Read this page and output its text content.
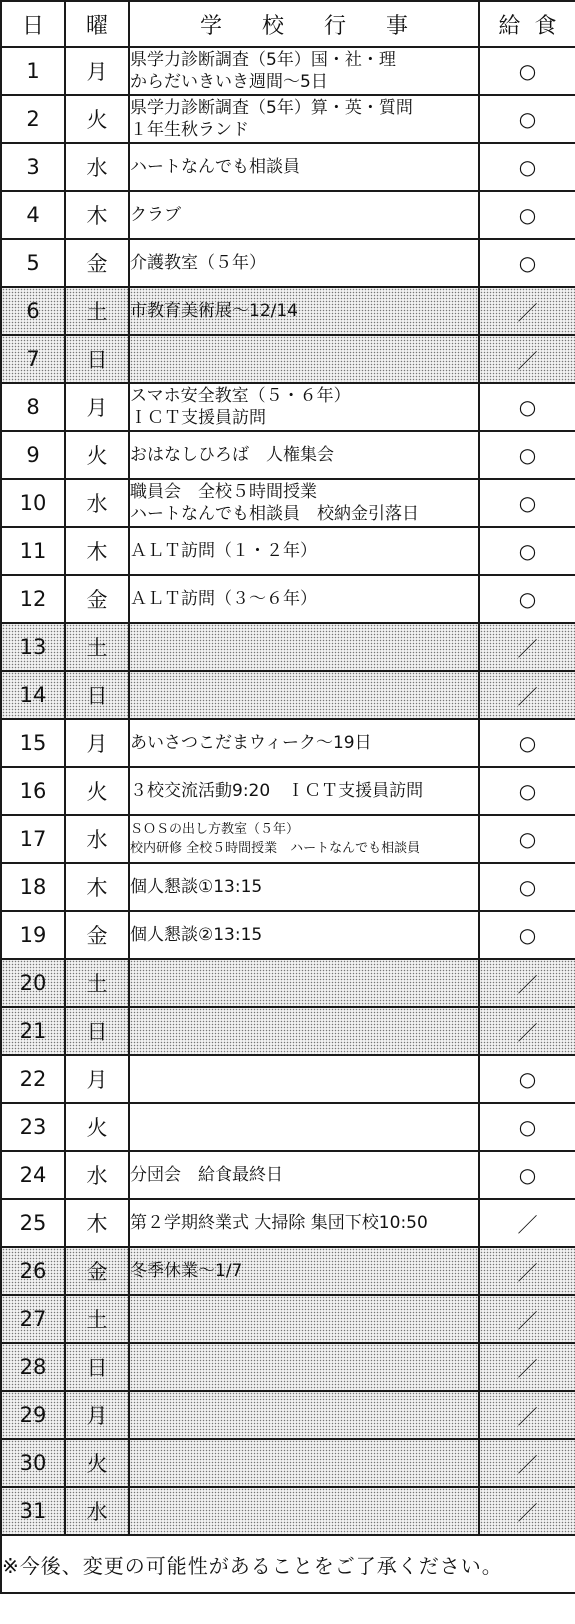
日	曜	学校行事	給食
1	月	県学力診断調査（5年）国・社・理
からだいきいき週間～5日	○
2	火	県学力診断調査（5年）算・英・質問
１年生秋ランド	○
3	水	ハートなんでも相談員	○
4	木	クラブ	○
5	金	介護教室（５年）	○
6	土	市教育美術展～12/14	／
7	日		／
8	月	スマホ安全教室（５・６年）
ＩＣＴ支援員訪問	○
9	火	おはなしひろば　人権集会	○
10	水	職員会　全校５時間授業
ハートなんでも相談員　校納金引落日	○
11	木	ＡＬＴ訪問（１・２年）	○
12	金	ＡＬＴ訪問（３～６年）	○
13	土		／
14	日		／
15	月	あいさつこだまウィーク～19日	○
16	火	３校交流活動9:20　ＩＣＴ支援員訪問	○
17	水	ＳＯＳの出し方教室（５年）
校内研修 全校５時間授業　ハートなんでも相談員	○
18	木	個人懇談①13:15	○
19	金	個人懇談②13:15	○
20	土		／
21	日		／
22	月		○
23	火		○
24	水	分団会　給食最終日	○
25	木	第２学期終業式 大掃除 集団下校10:50	／
26	金	冬季休業～1/7	／
27	土		／
28	日		／
29	月		／
30	火		／
31	水		／
※今後、変更の可能性があることをご了承ください。			
